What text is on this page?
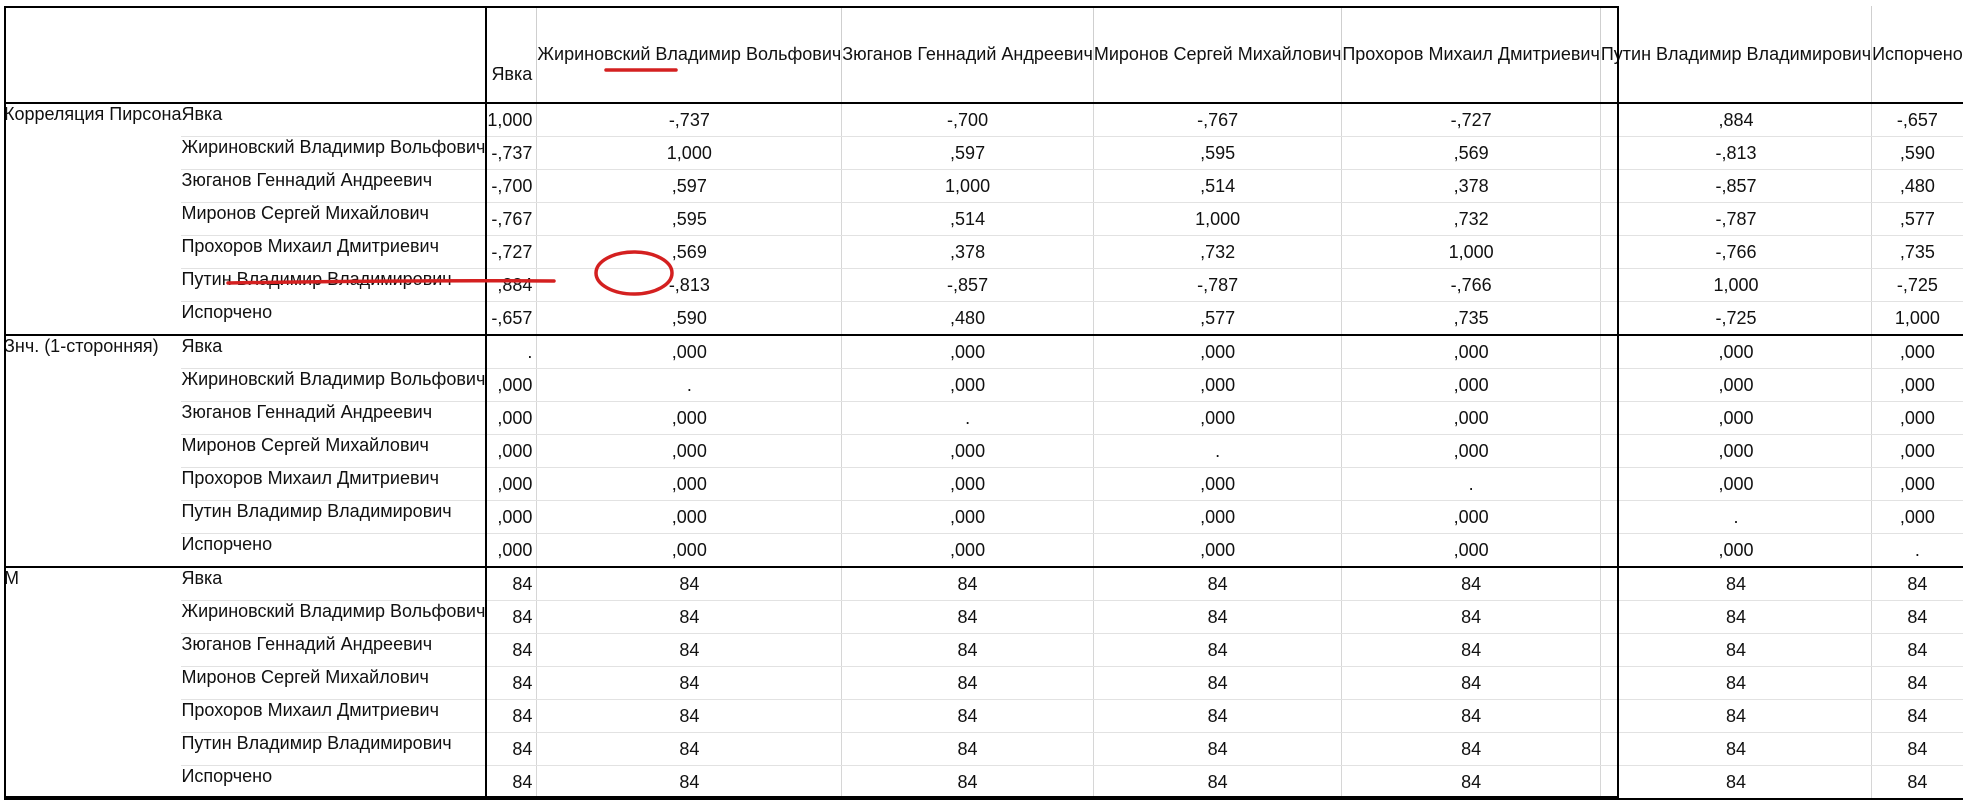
		Явка	Жириновский Владимир Вольфович	Зюганов Геннадий Андреевич	Миронов Сергей Михайлович	Прохоров Михаил Дмитриевич	Путин Владимир Владимирович	Испорчено
Корреляция Пирсона	Явка	1,000	-,737	-,700	-,767	-,727	,884	-,657
	Жириновский Владимир Вольфович	-,737	1,000	,597	,595	,569	-,813	,590
	Зюганов Геннадий Андреевич	-,700	,597	1,000	,514	,378	-,857	,480
	Миронов Сергей Михайлович	-,767	,595	,514	1,000	,732	-,787	,577
	Прохоров Михаил Дмитриевич	-,727	,569	,378	,732	1,000	-,766	,735
	Путин Владимир Владимирович	,884	-,813	-,857	-,787	-,766	1,000	-,725
	Испорчено	-,657	,590	,480	,577	,735	-,725	1,000
Знч. (1-сторонняя)	Явка	.	,000	,000	,000	,000	,000	,000
	Жириновский Владимир Вольфович	,000	.	,000	,000	,000	,000	,000
	Зюганов Геннадий Андреевич	,000	,000	.	,000	,000	,000	,000
	Миронов Сергей Михайлович	,000	,000	,000	.	,000	,000	,000
	Прохоров Михаил Дмитриевич	,000	,000	,000	,000	.	,000	,000
	Путин Владимир Владимирович	,000	,000	,000	,000	,000	.	,000
	Испорчено	,000	,000	,000	,000	,000	,000	.
М	Явка	84	84	84	84	84	84	84
	Жириновский Владимир Вольфович	84	84	84	84	84	84	84
	Зюганов Геннадий Андреевич	84	84	84	84	84	84	84
	Миронов Сергей Михайлович	84	84	84	84	84	84	84
	Прохоров Михаил Дмитриевич	84	84	84	84	84	84	84
	Путин Владимир Владимирович	84	84	84	84	84	84	84
	Испорчено	84	84	84	84	84	84	84
